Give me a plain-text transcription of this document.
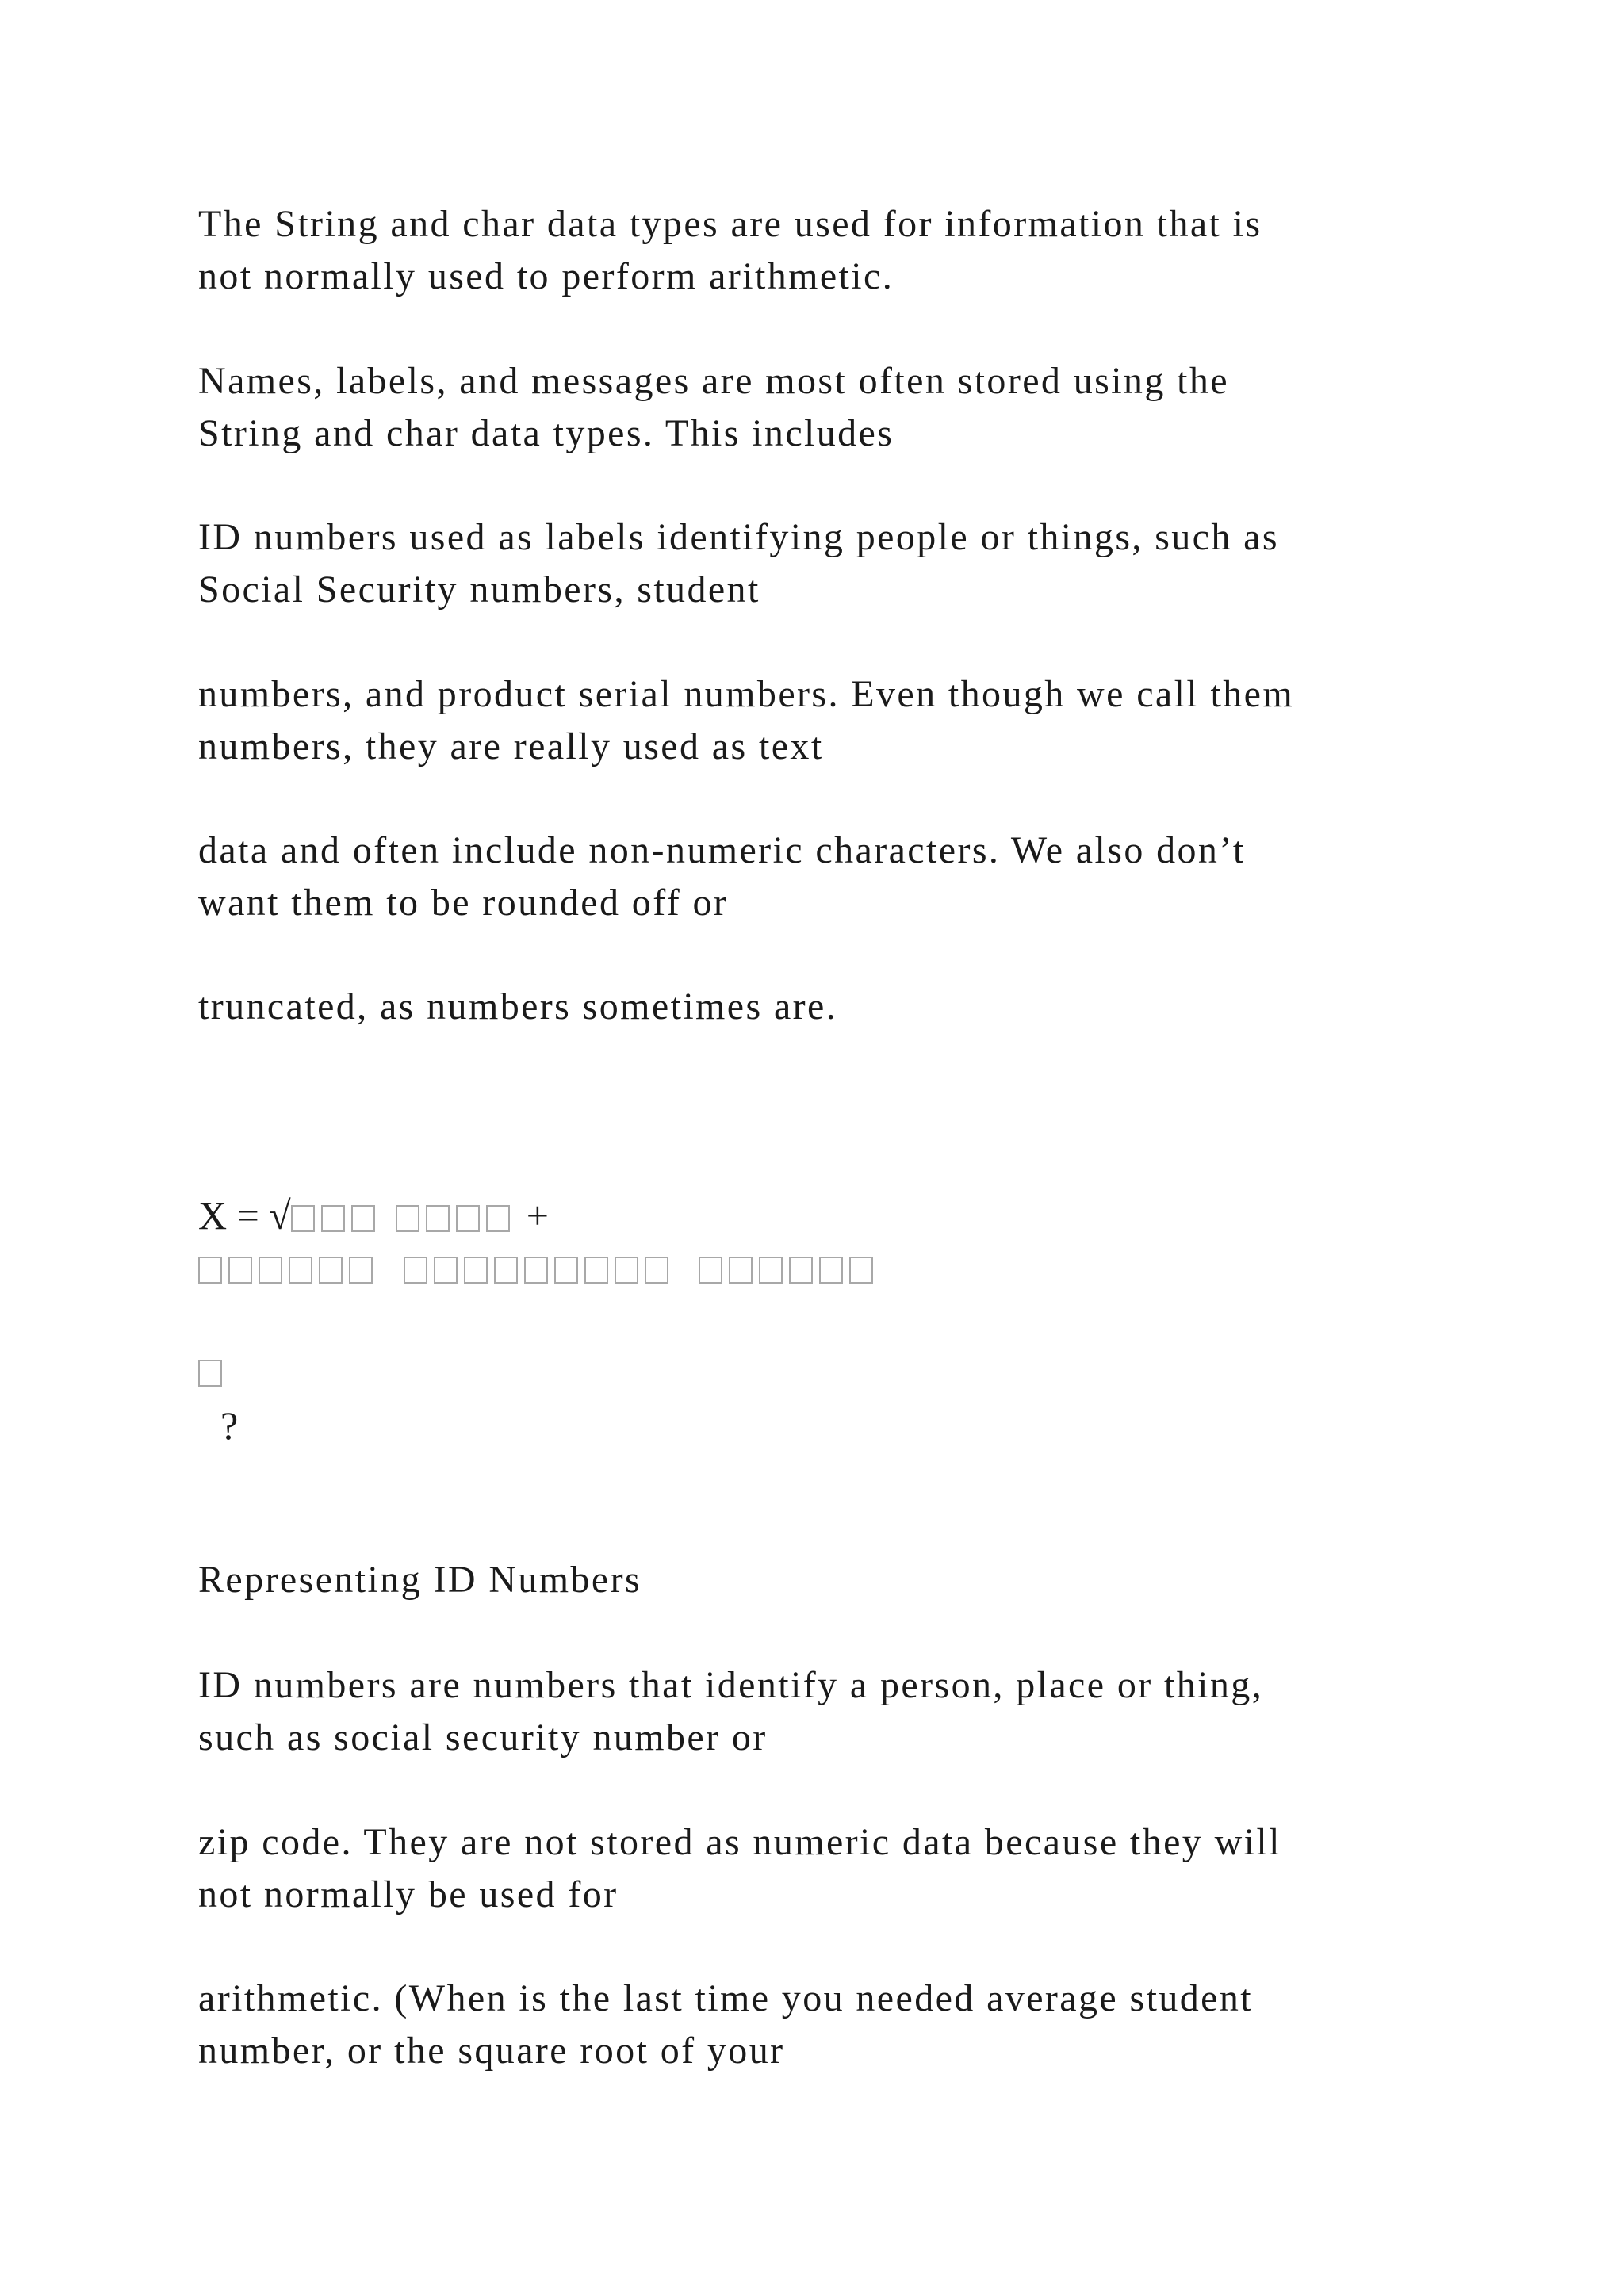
The String and char data types are used for information that is
not normally used to perform arithmetic.

Names, labels, and messages are most often stored using the
String and char data types. This includes

ID numbers used as labels identifying people or things, such as
Social Security numbers, student

numbers, and product serial numbers. Even though we call them
numbers, they are really used as text

data and often include non-numeric characters. We also don’t
want them to be rounded off or

truncated, as numbers sometimes are.

X = √	+

?
Representing ID Numbers

ID numbers are numbers that identify a person, place or thing,
such as social security number or

zip code. They are not stored as numeric data because they will
not normally be used for

arithmetic. (When is the last time you needed average student
number, or the square root of your
